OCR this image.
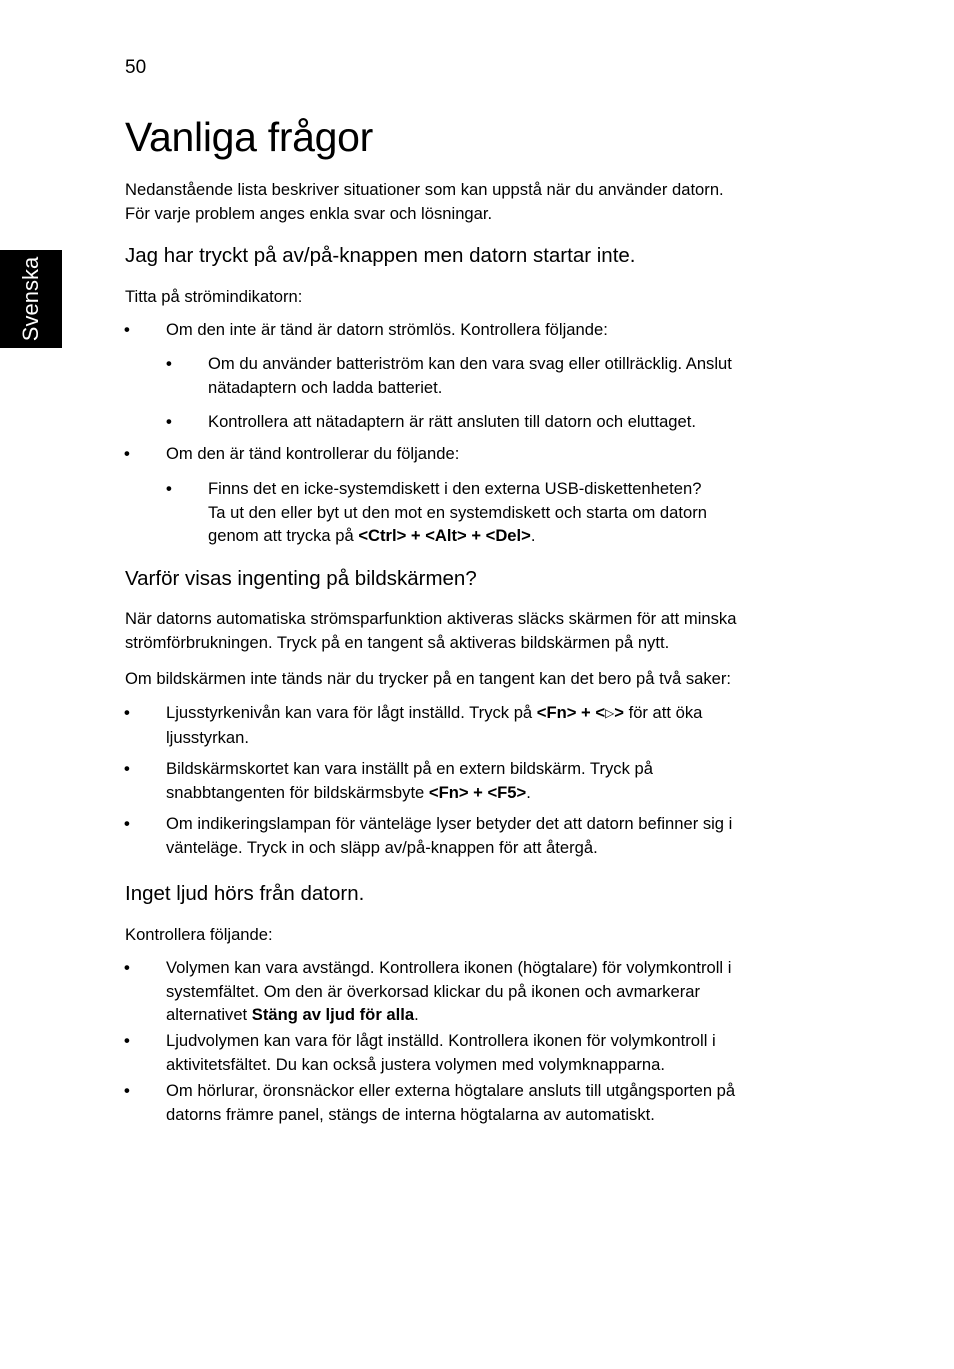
50
Svenska
Vanliga frågor

Nedanstående lista beskriver situationer som kan uppstå när du använder datorn.
För varje problem anges enkla svar och lösningar.

Jag har tryckt på av/på-knappen men datorn startar inte.

Titta på strömindikatorn:

• Om den inte är tänd är datorn strömlös. Kontrollera följande:
• Om du använder batteriström kan den vara svag eller otillräcklig. Anslut
nätadaptern och ladda batteriet.
• Kontrollera att nätadaptern är rätt ansluten till datorn och eluttaget.
• Om den är tänd kontrollerar du följande:
• Finns det en icke-systemdiskett i den externa USB-diskettenheten?
Ta ut den eller byt ut den mot en systemdiskett och starta om datorn
genom att trycka på <Ctrl> + <Alt> + <Del>.
Varför visas ingenting på bildskärmen?

När datorns automatiska strömsparfunktion aktiveras släcks skärmen för att minska
strömförbrukningen. Tryck på en tangent så aktiveras bildskärmen på nytt.

Om bildskärmen inte tänds när du trycker på en tangent kan det bero på två saker:

• Ljusstyrkenivån kan vara för lågt inställd. Tryck på <Fn> + <▷> för att öka
ljusstyrkan.
• Bildskärmskortet kan vara inställt på en extern bildskärm. Tryck på
snabbtangenten för bildskärmsbyte <Fn> + <F5>.
• Om indikeringslampan för vänteläge lyser betyder det att datorn befinner sig i
vänteläge. Tryck in och släpp av/på-knappen för att återgå.
Inget ljud hörs från datorn.

Kontrollera följande:

• Volymen kan vara avstängd. Kontrollera ikonen (högtalare) för volymkontroll i
systemfältet. Om den är överkorsad klickar du på ikonen och avmarkerar
alternativet Stäng av ljud för alla.
• Ljudvolymen kan vara för lågt inställd. Kontrollera ikonen för volymkontroll i
aktivitetsfältet. Du kan också justera volymen med volymknapparna.
• Om hörlurar, öronsnäckor eller externa högtalare ansluts till utgångsporten på
datorns främre panel, stängs de interna högtalarna av automatiskt.
